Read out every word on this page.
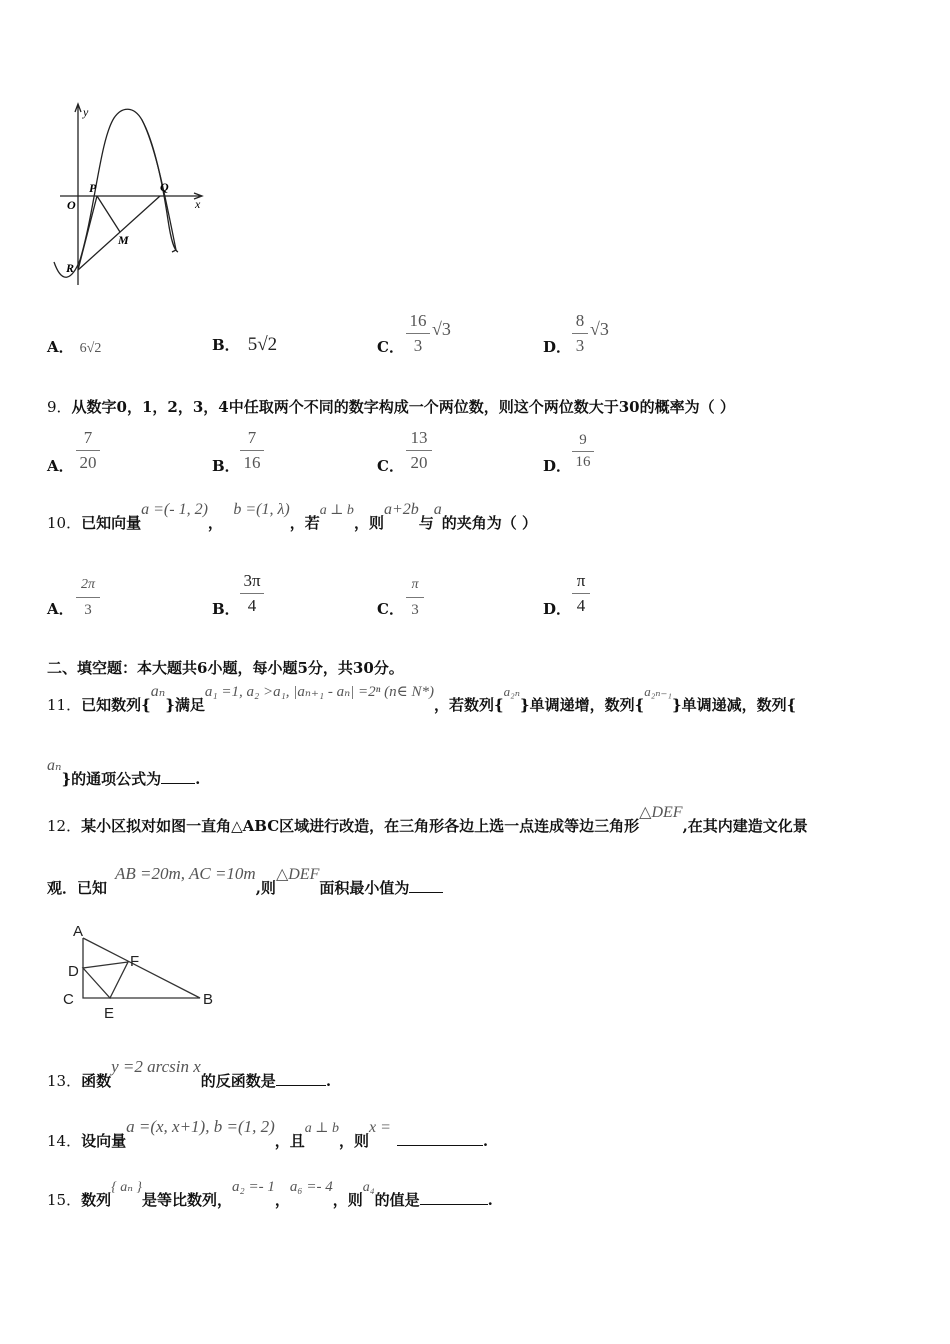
y
x
O
P	Q
M
R
A． 6√2	B． 5√2	C．
16
3
√3
D．
8
3
√3
9．从数字0，1，2，3，4中任取两个不同的数字构成一个两位数，则这个两位数大于30的概率为（ ）
A．
7
20	B．
7
16	C．
13
20	D．
9
16
10．已知向量a =(- 1, 2)，  b =(1, λ)，若a ⊥ b，则a+2b与a的夹角为（ ）
A．
2π
3	B．
3π
4	C．
π
3	D．
π
4
二、填空题：本大题共6小题，每小题5分，共30分。
11．已知数列{aₙ}满足a₁ =1, a₂ >a₁, |aₙ₊₁ - aₙ| =2ⁿ (n∈ N*)，若数列{a₂ₙ}单调递增，数列{a₂ₙ₋₁}单调递减，数列{
aₙ}的通项公式为 .
12．某小区拟对如图一直角△ABC区域进行改造，在三角形各边上选一点连成等边三角形△DEF,在其内建造文化景
观．已知AB =20m, AC =10m,则△DEF面积最小值为
A
D
F
C
E
B
13．函数y =2 arcsin x的反函数是	.
14．设向量a =(x, x+1), b =(1, 2)，且a ⊥ b，则x =.
15．数列{ aₙ }是等比数列，a₂ =- 1，a₆ =- 4，则a₄的值是	.
